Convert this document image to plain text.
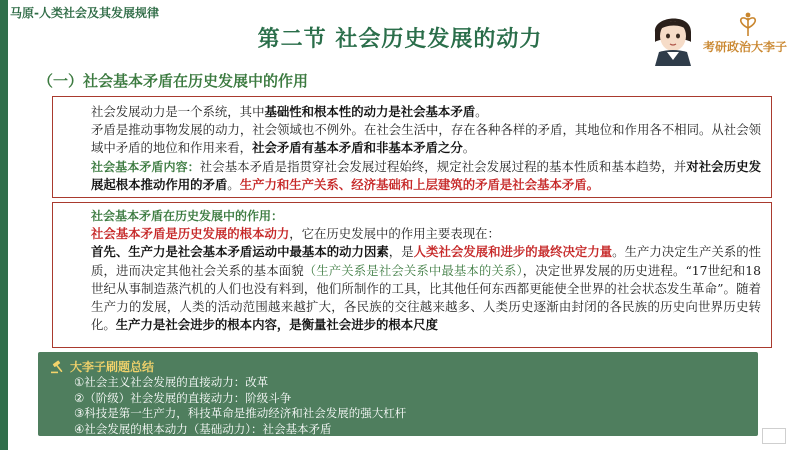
马原-人类社会及其发展规律
第二节 社会历史发展的动力	考研政治大李子
（一）社会基本矛盾在历史发展中的作用

社会发展动力是一个系统，其中基础性和根本性的动力是社会基本矛盾。

矛盾是推动事物发展的动力，社会领域也不例外。在社会生活中，存在各种各样的矛盾，其地位和作用各不相同。从社会领域中矛盾的地位和作用来看，社会矛盾有基本矛盾和非基本矛盾之分。

社会基本矛盾内容：社会基本矛盾是指贯穿社会发展过程始终，规定社会发展过程的基本性质和基本趋势，并对社会历史发展起根本推动作用的矛盾。生产力和生产关系、经济基础和上层建筑的矛盾是社会基本矛盾。

社会基本矛盾在历史发展中的作用：

社会基本矛盾是历史发展的根本动力，它在历史发展中的作用主要表现在：

首先、生产力是社会基本矛盾运动中最基本的动力因素，是人类社会发展和进步的最终决定力量。生产力决定生产关系的性质，进而决定其他社会关系的基本面貌（生产关系是社会关系中最基本的关系），决定世界发展的历史进程。“17世纪和18世纪从事制造蒸汽机的人们也没有料到，他们所制作的工具，比其他任何东西都更能使全世界的社会状态发生革命”。随着生产力的发展，人类的活动范围越来越扩大，各民族的交往越来越多、人类历史逐渐由封闭的各民族的历史向世界历史转化。生产力是社会进步的根本内容，是衡量社会进步的根本尺度

大李子刷题总结
①社会主义社会发展的直接动力：改革
②（阶级）社会发展的直接动力：阶级斗争
③科技是第一生产力，科技革命是推动经济和社会发展的强大杠杆
④社会发展的根本动力（基础动力）：社会基本矛盾
